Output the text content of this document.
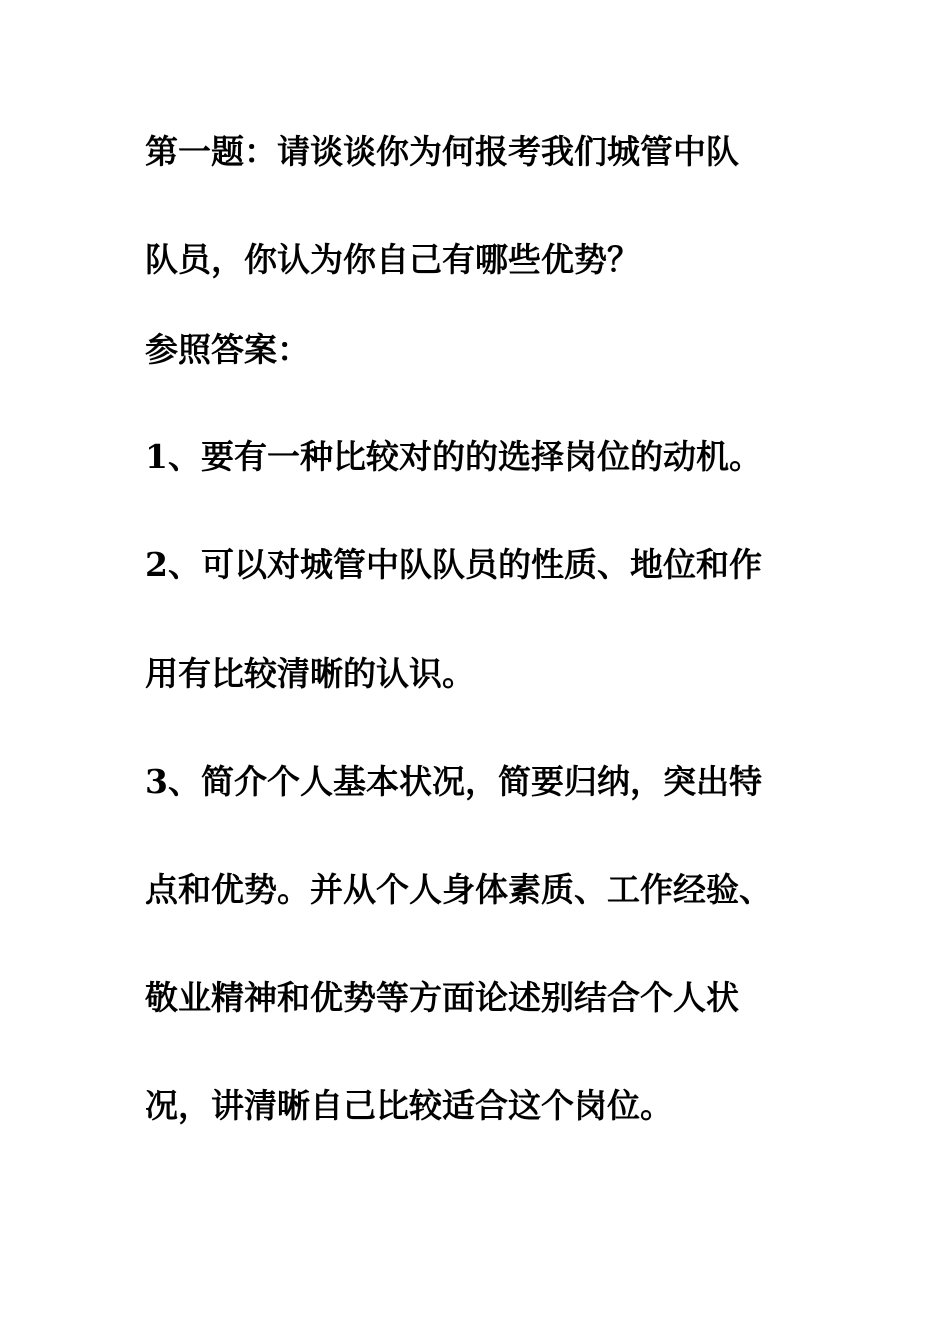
第一题：请谈谈你为何报考我们城管中队
队员，你认为你自己有哪些优势？
参照答案：
1、要有一种比较对的的选择岗位的动机。
2、可以对城管中队队员的性质、地位和作
用有比较清晰的认识。
3、简介个人基本状况，简要归纳，突出特
点和优势。并从个人身体素质、工作经验、
敬业精神和优势等方面论述别结合个人状
况，讲清晰自己比较适合这个岗位。
